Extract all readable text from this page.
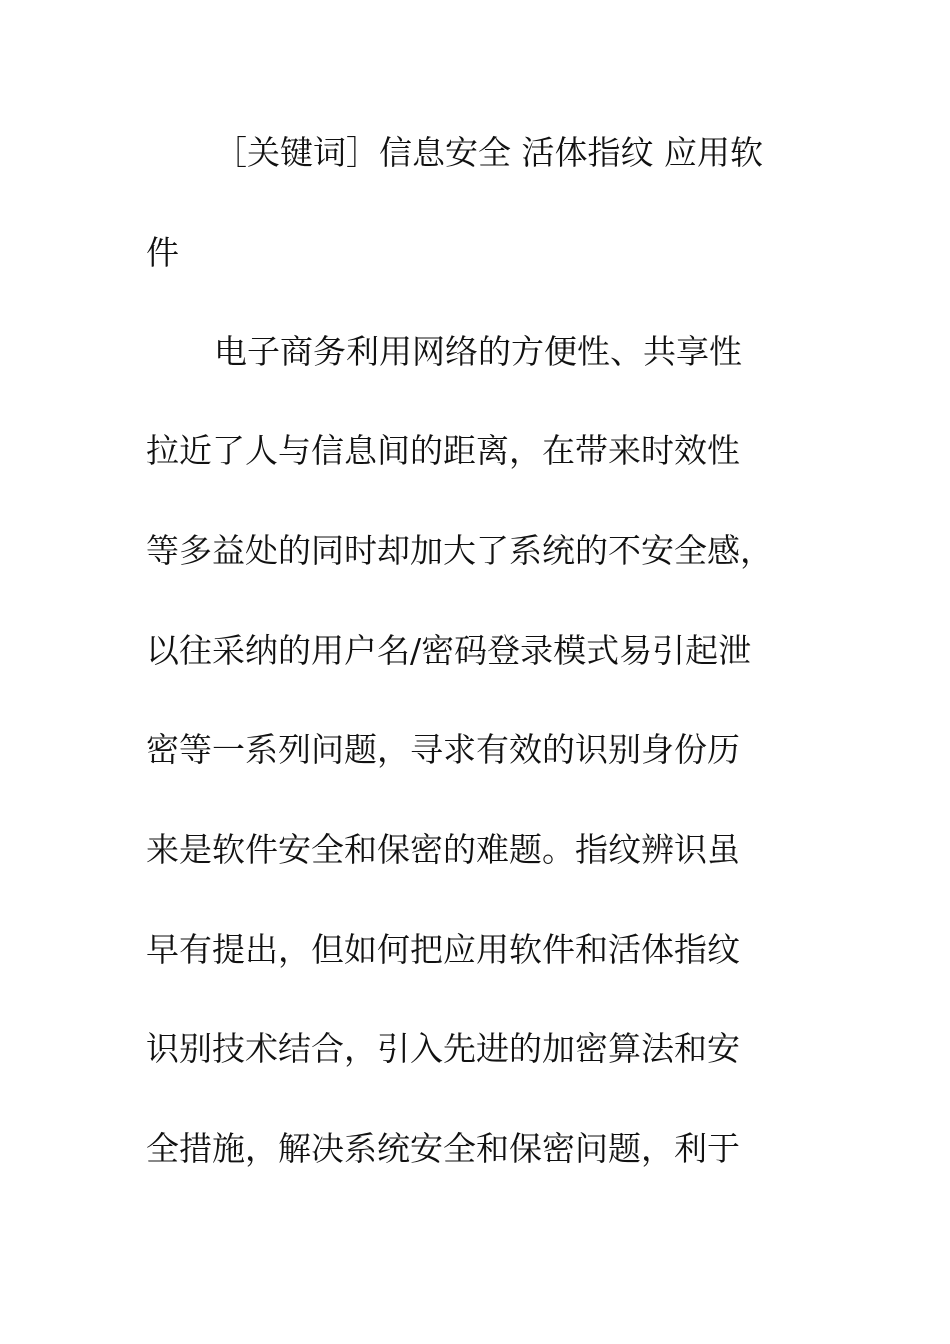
［关键词］信息安全 活体指纹 应用软
件
电子商务利用网络的方便性、共享性
拉近了人与信息间的距离，在带来时效性
等多益处的同时却加大了系统的不安全感，
以往采纳的用户名/密码登录模式易引起泄
密等一系列问题，寻求有效的识别身份历
来是软件安全和保密的难题。指纹辨识虽
早有提出，但如何把应用软件和活体指纹
识别技术结合，引入先进的加密算法和安
全措施，解决系统安全和保密问题，利于
